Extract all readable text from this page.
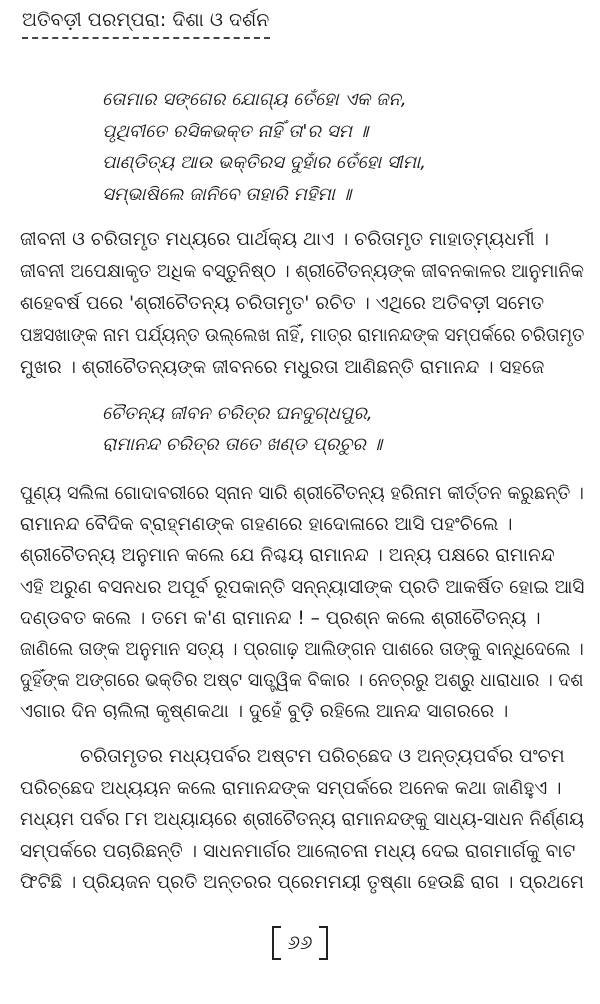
ଅତିବଡ଼ୀ ପରମ୍ପରା: ଦିଶା ଓ ଦର୍ଶନ
ତୋମାର ସଙ୍ଗେର ଯୋଗ୍ୟ ତେଁହୋ ଏକ ଜନ,
ପୃଥିବୀତେ ରସିକଭକ୍ତ ନାହିଁ ତା'ର ସମ ॥
ପାଣ୍ଡିତ୍ୟ ଆଉ ଭକ୍ତିରସ ଦୁହାଁର ତେଁହୋ ସୀମା,
ସମ୍ଭାଷିଲେ ଜାନିବେ ତାହାରି ମହିମା ॥
ଜୀବନୀ ଓ ଚରିତାମୃତ ମଧ୍ୟରେ ପାର୍ଥକ୍ୟ ଥାଏ । ଚରିତାମୃତ ମାହାତ୍ମ୍ୟଧର୍ମୀ ।
ଜୀବନୀ ଅପେକ୍ଷାକୃତ ଅଧିକ ବସ୍ତୁନିଷ୍ଠ । ଶ୍ରୀଚୈତନ୍ୟଙ୍କ ଜୀବନକାଳର ଆନୁମାନିକ
ଶହେବର୍ଷ ପରେ 'ଶ୍ରୀଚୈତନ୍ୟ ଚରିତାମୃତ' ରଚିତ । ଏଥିରେ ଅତିବଡ଼ୀ ସମେତ
ପଞ୍ଚସଖାଙ୍କ ନାମ ପର୍ଯ୍ୟନ୍ତ ଉଲ୍ଲେଖ ନାହିଁ, ମାତ୍ର ରାମାନନ୍ଦଙ୍କ ସମ୍ପର୍କରେ ଚରିତାମୃତ
ମୁଖର । ଶ୍ରୀଚୈତନ୍ୟଙ୍କ ଜୀବନରେ ମଧୁରତା ଆଣିଛନ୍ତି ରାମାନନ୍ଦ । ସହଜେ
ଚୈତନ୍ୟ ଜୀବନ ଚରିତ୍ର ଘନଦୁଗ୍ଧପୁର,
ରାମାନନ୍ଦ ଚରିତ୍ର ତାତେ ଖଣ୍ଡ ପ୍ରଚୁର ॥
ପୁଣ୍ୟ ସଲିଳା ଗୋଦାବରୀରେ ସ୍ନାନ ସାରି ଶ୍ରୀଚୈତନ୍ୟ ହରିନାମ କୀର୍ତ୍ତନ କରୁଛନ୍ତି ।
ରାମାନନ୍ଦ ବୈଦିକ ବ୍ରାହ୍ମଣଙ୍କ ଗହଣରେ ହାଦୋଳାରେ ଆସି ପହଂଚିଲେ ।
ଶ୍ରୀଚୈତନ୍ୟ ଅନୁମାନ କଲେ ଯେ ନିଶ୍ଚୟ ରାମାନନ୍ଦ । ଅନ୍ୟ ପକ୍ଷରେ ରାମାନନ୍ଦ
ଏହି ଅରୁଣ ବସନଧର ଅପୂର୍ବ ରୂପକାନ୍ତି ସନ୍ନ୍ୟାସୀଙ୍କ ପ୍ରତି ଆକର୍ଷିତ ହୋଇ ଆସି
ଦଣ୍ଡବତ କଲେ । ତମେ କ'ଣ ରାମାନନ୍ଦ ! – ପ୍ରଶ୍ନ କଲେ ଶ୍ରୀଚୈତନ୍ୟ ।
ଜାଣିଲେ ତାଙ୍କ ଅନୁମାନ ସତ୍ୟ । ପ୍ରଗାଢ଼ ଆଲିଙ୍ଗନ ପାଶରେ ତାଙ୍କୁ ବାନ୍ଧିଦେଲେ ।
ଦୁହିଁଙ୍କ ଅଙ୍ଗରେ ଭକ୍ତିର ଅଷ୍ଟ ସାତ୍ତ୍ୱିକ ବିକାର । ନେତ୍ରରୁ ଅଶ୍ରୁ ଧାରାଧାର । ଦଶ
ଏଗାର ଦିନ ଚାଲିଲା କୃଷ୍ଣକଥା । ଦୁହେଁ ବୁଡ଼ି ରହିଲେ ଆନନ୍ଦ ସାଗରରେ ।
ଚରିତାମୃତର ମଧ୍ୟପର୍ବର ଅଷ୍ଟମ ପରିଚ୍ଛେଦ ଓ ଅନ୍ତ୍ୟପର୍ବର ପଂଚମ
ପରିଚ୍ଛେଦ ଅଧ୍ୟୟନ କଲେ ରାମାନନ୍ଦଙ୍କ ସମ୍ପର୍କରେ ଅନେକ କଥା ଜାଣିହୁଏ ।
ମଧ୍ୟମ ପର୍ବର ୮ମ ଅଧ୍ୟାୟରେ ଶ୍ରୀଚୈତନ୍ୟ ରାମାନନ୍ଦଙ୍କୁ ସାଧ୍ୟ-ସାଧନ ନିର୍ଣ୍ଣୟ
ସମ୍ପର୍କରେ ପଚାରିଛନ୍ତି । ସାଧନମାର୍ଗର ଆଲୋଚନା ମଧ୍ୟ ଦେଇ ରାଗମାର୍ଗକୁ ବାଟ
ଫିଟିଛି । ପ୍ରିୟଜନ ପ୍ରତି ଅନ୍ତରର ପ୍ରେମମୟୀ ତୃଷ୍ଣା ହେଉଛି ରାଗ । ପ୍ରଥମେ
୬୬
